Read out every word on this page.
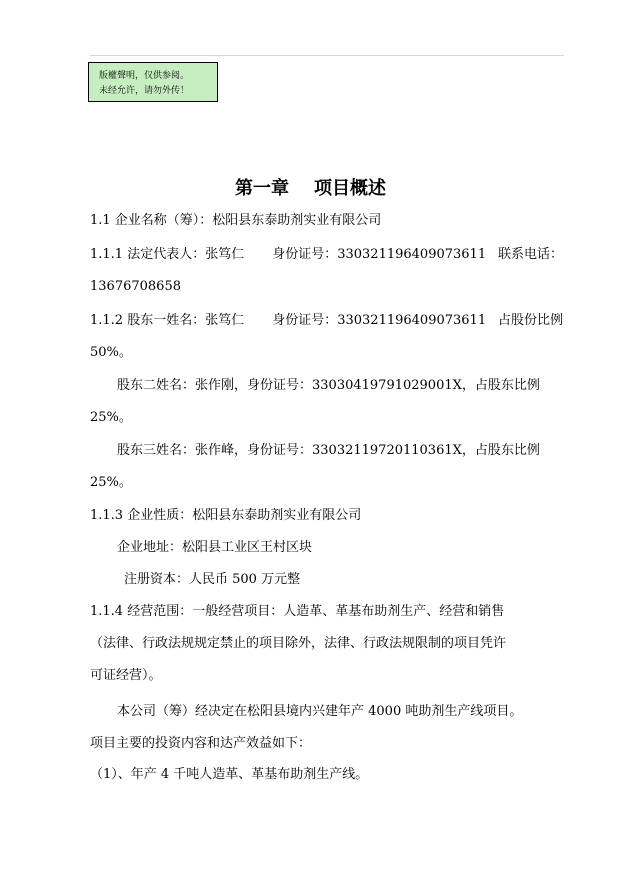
版權聲明，仅供参阅。
未经允许，请勿外传！
第一章    项目概述
1.1 企业名称（筹）：松阳县东泰助剂实业有限公司
1.1.1 法定代表人：张笃仁 身份证号：330321196409073611 联系电话：
13676708658
1.1.2 股东一姓名：张笃仁 身份证号：330321196409073611 占股份比例
50%。
股东二姓名：张作刚，身份证号：33030419791029001X，占股东比例
25%。
股东三姓名：张作峰，身份证号：33032119720110361X，占股东比例
25%。
1.1.3 企业性质：松阳县东泰助剂实业有限公司
企业地址：松阳县工业区王村区块
注册资本：人民币 500 万元整
1.1.4 经营范围：一般经营项目：人造革、革基布助剂生产、经营和销售
（法律、行政法规规定禁止的项目除外，法律、行政法规限制的项目凭许
可证经营）。
本公司（筹）经决定在松阳县境内兴建年产 4000 吨助剂生产线项目。
项目主要的投资内容和达产效益如下：
（1）、年产 4 千吨人造革、革基布助剂生产线。
